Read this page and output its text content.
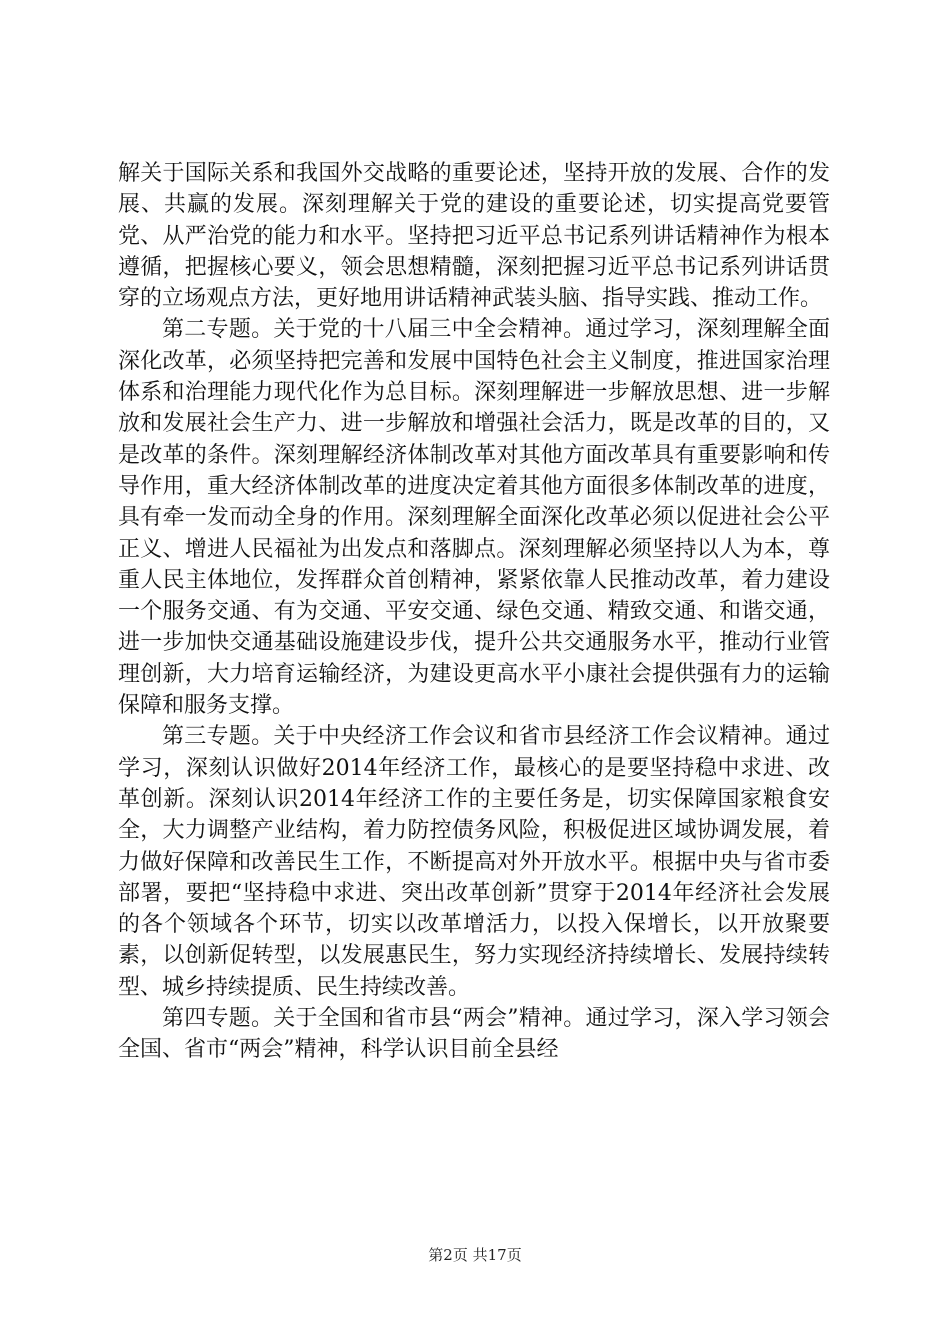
解关于国际关系和我国外交战略的重要论述，坚持开放的发展、合作的发展、共赢的发展。深刻理解关于党的建设的重要论述，切实提高党要管党、从严治党的能力和水平。坚持把习近平总书记系列讲话精神作为根本遵循，把握核心要义，领会思想精髓，深刻把握习近平总书记系列讲话贯穿的立场观点方法，更好地用讲话精神武装头脑、指导实践、推动工作。

第二专题。关于党的十八届三中全会精神。通过学习，深刻理解全面深化改革，必须坚持把完善和发展中国特色社会主义制度，推进国家治理体系和治理能力现代化作为总目标。深刻理解进一步解放思想、进一步解放和发展社会生产力、进一步解放和增强社会活力，既是改革的目的，又是改革的条件。深刻理解经济体制改革对其他方面改革具有重要影响和传导作用，重大经济体制改革的进度决定着其他方面很多体制改革的进度，具有牵一发而动全身的作用。深刻理解全面深化改革必须以促进社会公平正义、增进人民福祉为出发点和落脚点。深刻理解必须坚持以人为本，尊重人民主体地位，发挥群众首创精神，紧紧依靠人民推动改革，着力建设一个服务交通、有为交通、平安交通、绿色交通、精致交通、和谐交通，进一步加快交通基础设施建设步伐，提升公共交通服务水平，推动行业管理创新，大力培育运输经济，为建设更高水平小康社会提供强有力的运输保障和服务支撑。

第三专题。关于中央经济工作会议和省市县经济工作会议精神。通过学习，深刻认识做好2014年经济工作，最核心的是要坚持稳中求进、改革创新。深刻认识2014年经济工作的主要任务是，切实保障国家粮食安全，大力调整产业结构，着力防控债务风险，积极促进区域协调发展，着力做好保障和改善民生工作，不断提高对外开放水平。根据中央与省市委部署，要把“坚持稳中求进、突出改革创新”贯穿于2014年经济社会发展的各个领域各个环节，切实以改革增活力，以投入保增长，以开放聚要素，以创新促转型，以发展惠民生，努力实现经济持续增长、发展持续转型、城乡持续提质、民生持续改善。

第四专题。关于全国和省市县“两会”精神。通过学习，深入学习领会全国、省市“两会”精神，科学认识目前全县经

第2页 共17页
